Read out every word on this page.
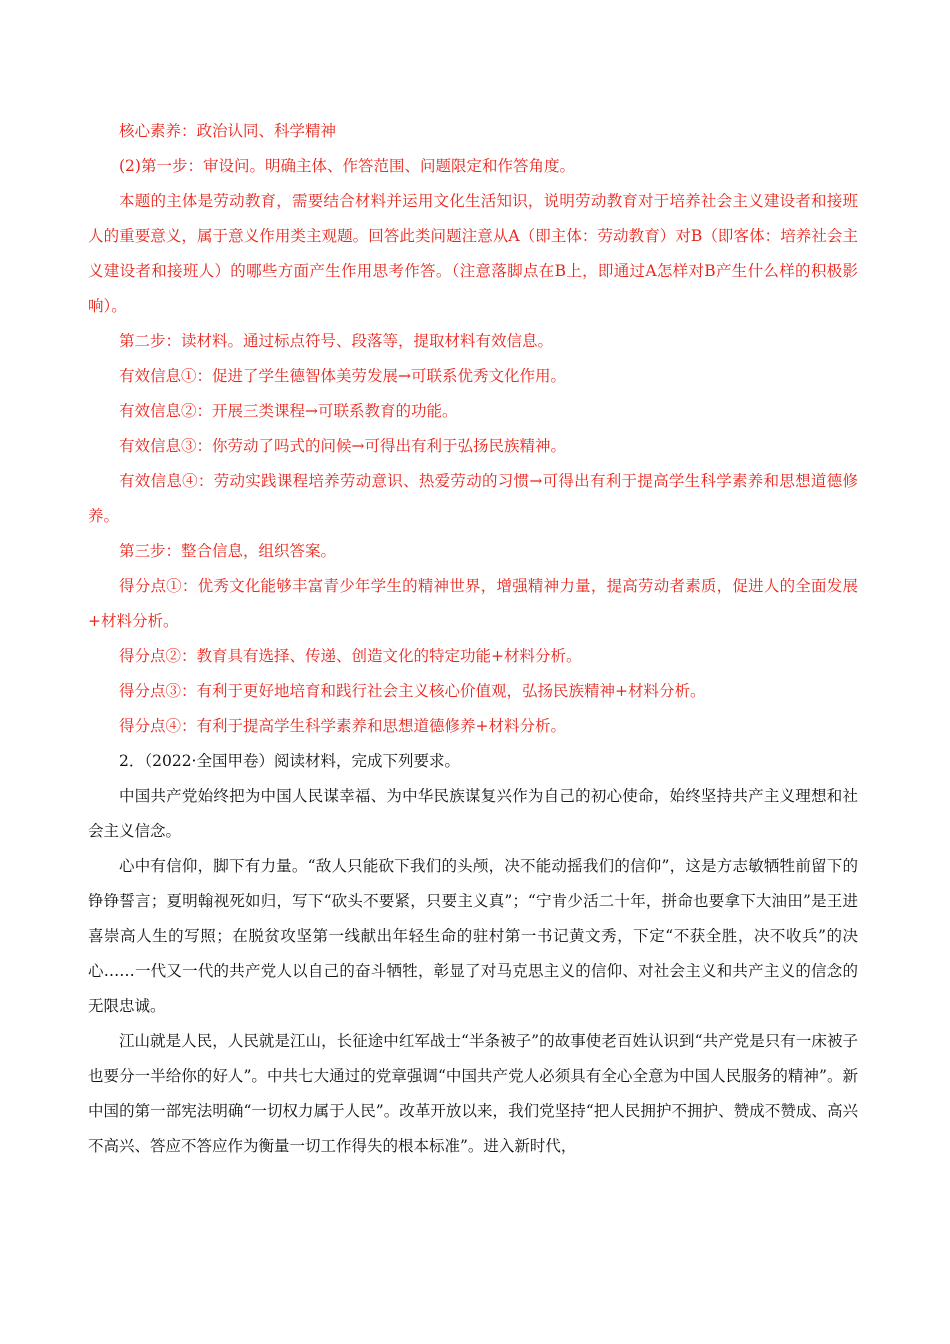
核心素养：政治认同、科学精神

(2)第一步：审设问。明确主体、作答范围、问题限定和作答角度。

本题的主体是劳动教育，需要结合材料并运用文化生活知识，说明劳动教育对于培养社会主义建设者和接班人的重要意义，属于意义作用类主观题。回答此类问题注意从A（即主体：劳动教育）对B（即客体：培养社会主义建设者和接班人）的哪些方面产生作用思考作答。（注意落脚点在B上，即通过A怎样对B产生什么样的积极影响）。

第二步：读材料。通过标点符号、段落等，提取材料有效信息。

有效信息①：促进了学生德智体美劳发展→可联系优秀文化作用。

有效信息②：开展三类课程→可联系教育的功能。

有效信息③：你劳动了吗式的问候→可得出有利于弘扬民族精神。

有效信息④：劳动实践课程培养劳动意识、热爱劳动的习惯→可得出有利于提高学生科学素养和思想道德修养。

第三步：整合信息，组织答案。

得分点①：优秀文化能够丰富青少年学生的精神世界，增强精神力量，提高劳动者素质，促进人的全面发展+材料分析。

得分点②：教育具有选择、传递、创造文化的特定功能+材料分析。

得分点③：有利于更好地培育和践行社会主义核心价值观，弘扬民族精神+材料分析。

得分点④：有利于提高学生科学素养和思想道德修养+材料分析。

2．（2022·全国甲卷）阅读材料，完成下列要求。

中国共产党始终把为中国人民谋幸福、为中华民族谋复兴作为自己的初心使命，始终坚持共产主义理想和社会主义信念。

心中有信仰，脚下有力量。“敌人只能砍下我们的头颅，决不能动摇我们的信仰”，这是方志敏牺牲前留下的铮铮誓言；夏明翰视死如归，写下“砍头不要紧，只要主义真”；“宁肯少活二十年，拼命也要拿下大油田”是王进喜崇高人生的写照；在脱贫攻坚第一线献出年轻生命的驻村第一书记黄文秀，下定“不获全胜，决不收兵”的决心……一代又一代的共产党人以自己的奋斗牺牲，彰显了对马克思主义的信仰、对社会主义和共产主义的信念的无限忠诚。

江山就是人民，人民就是江山，长征途中红军战士“半条被子”的故事使老百姓认识到“共产党是只有一床被子也要分一半给你的好人”。中共七大通过的党章强调“中国共产党人必须具有全心全意为中国人民服务的精神”。新中国的第一部宪法明确“一切权力属于人民”。改革开放以来，我们党坚持“把人民拥护不拥护、赞成不赞成、高兴不高兴、答应不答应作为衡量一切工作得失的根本标准”。进入新时代，
